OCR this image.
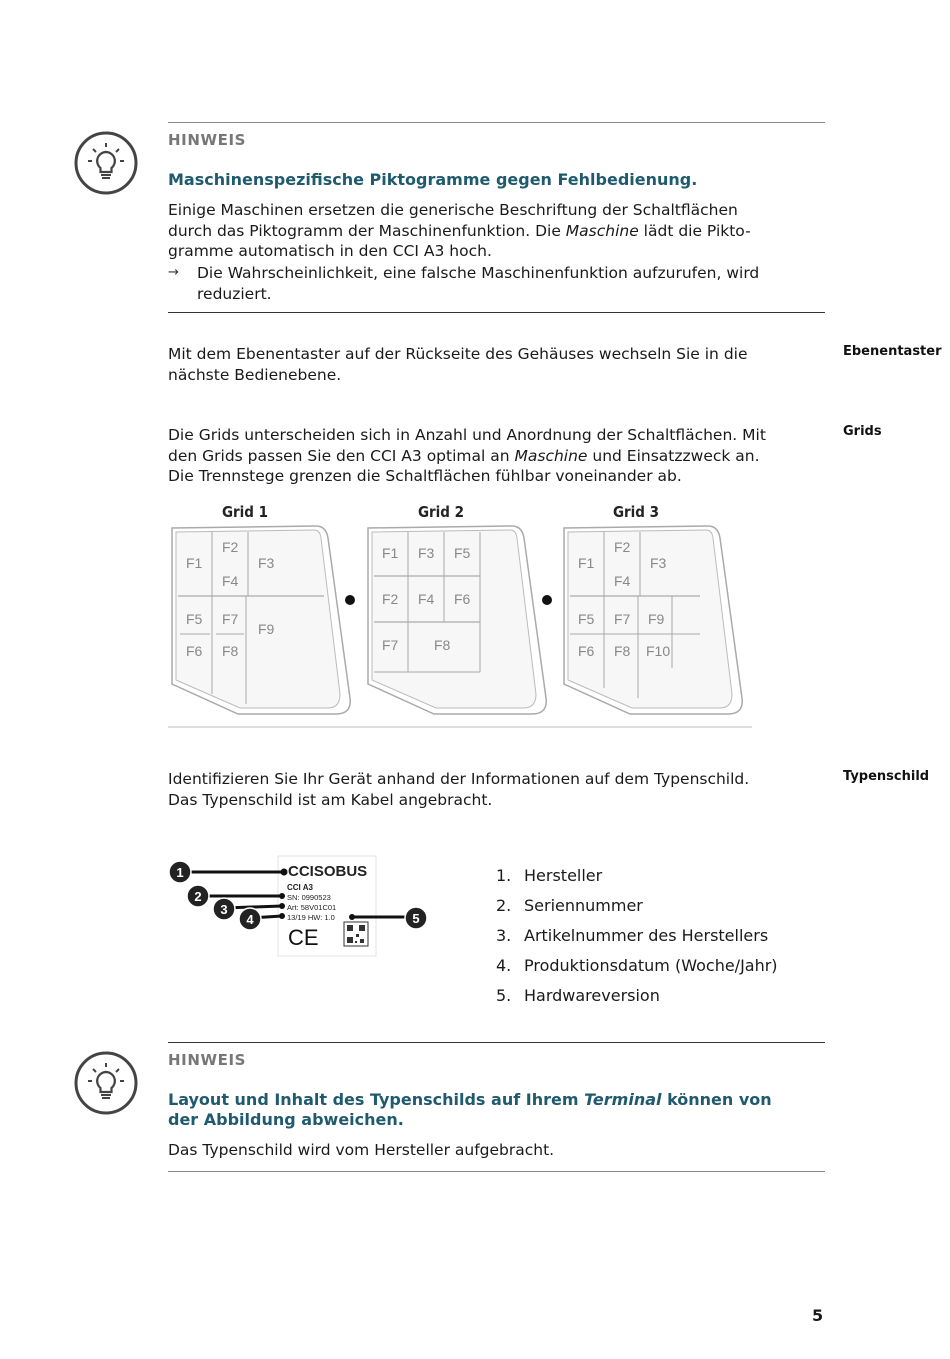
HINWEIS
Maschinenspezifische Piktogramme gegen Fehlbedienung.
Einige Maschinen ersetzen die generische Beschriftung der Schaltflächen
durch das Piktogramm der Maschinenfunktion. Die Maschine lädt die Pikto-
gramme automatisch in den CCI A3 hoch.
→	Die Wahrscheinlichkeit, eine falsche Maschinenfunktion aufzurufen, wird
reduziert.
Mit dem Ebenentaster auf der Rückseite des Gehäuses wechseln Sie in die
nächste Bedienebene.
Ebenentaster
Die Grids unterscheiden sich in Anzahl und Anordnung der Schaltflächen. Mit
den Grids passen Sie den CCI A3 optimal an Maschine und Einsatzzweck an.
Die Trennstege grenzen die Schaltflächen fühlbar voneinander ab.
Grids
Grid 1
F1
F2
F3
F4
F5 F7
F9
F6 F8
Grid 2
F1 F3 F5
F2 F4 F6
F7	F8
Grid 3
F1
F2
F3
F4
F5 F7 F9
F6 F8 F10
Identifizieren Sie Ihr Gerät anhand der Informationen auf dem Typenschild.
Das Typenschild ist am Kabel angebracht.
Typenschild
CCISOBUS
CCI A3
SN: 0990523
Art: 58V01C01
13/19 HW: 1.0
CE
1
2
3
4	5
1. Hersteller
2. Seriennummer
3. Artikelnummer des Herstellers
4. Produktionsdatum (Woche/Jahr)
5. Hardwareversion
HINWEIS
Layout und Inhalt des Typenschilds auf Ihrem Terminal können von
der Abbildung abweichen.
Das Typenschild wird vom Hersteller aufgebracht.
5
